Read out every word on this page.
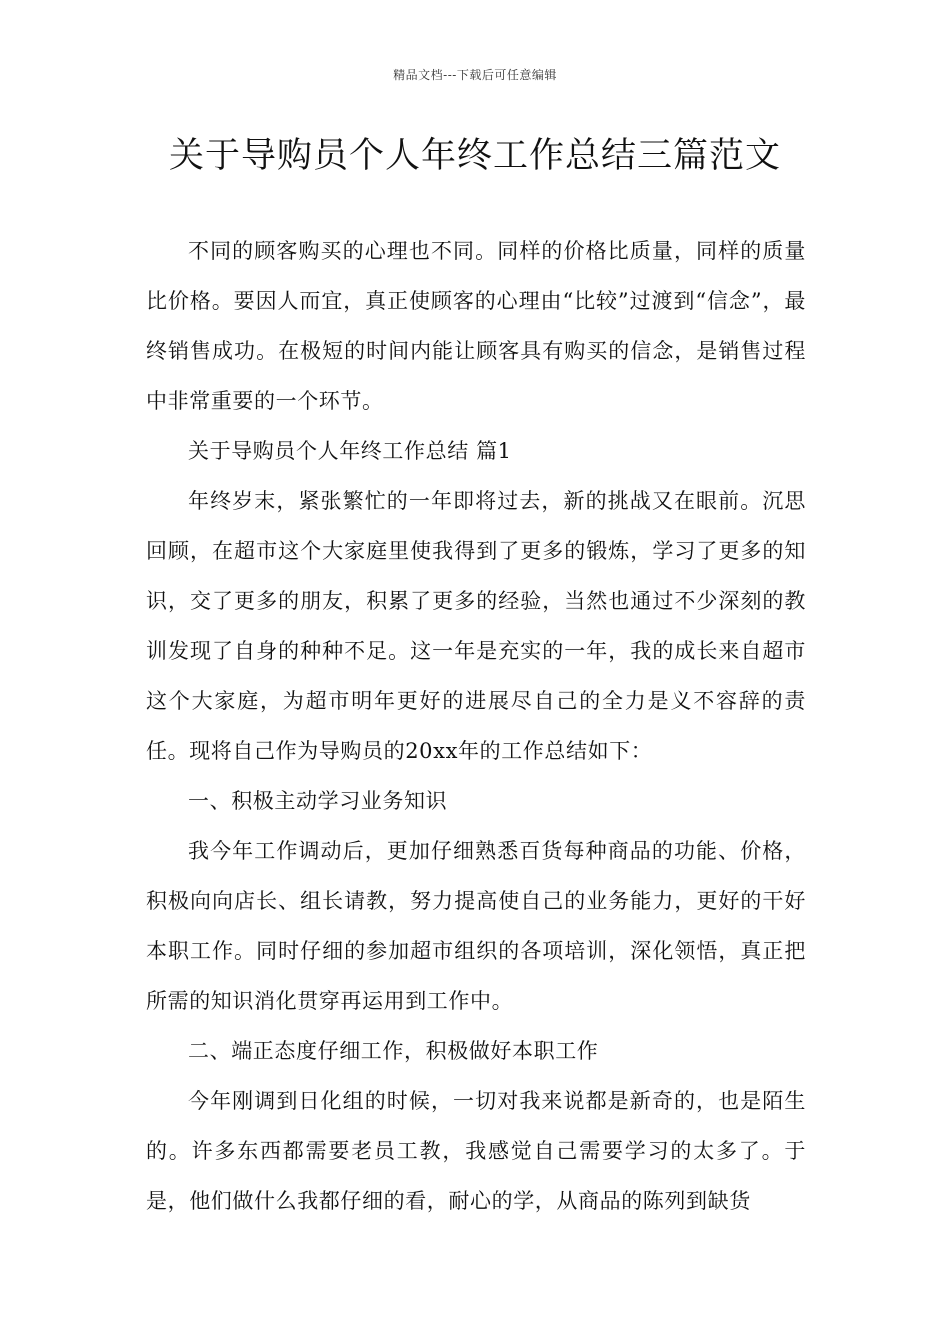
精品文档---下载后可任意编辑
关于导购员个人年终工作总结三篇范文

不同的顾客购买的心理也不同。同样的价格比质量，同样的质量比价格。要因人而宜，真正使顾客的心理由“比较”过渡到“信念”，最终销售成功。在极短的时间内能让顾客具有购买的信念，是销售过程中非常重要的一个环节。

关于导购员个人年终工作总结 篇1

年终岁末，紧张繁忙的一年即将过去，新的挑战又在眼前。沉思回顾，在超市这个大家庭里使我得到了更多的锻炼，学习了更多的知识，交了更多的朋友，积累了更多的经验，当然也通过不少深刻的教训发现了自身的种种不足。这一年是充实的一年，我的成长来自超市这个大家庭，为超市明年更好的进展尽自己的全力是义不容辞的责任。现将自己作为导购员的20xx年的工作总结如下：

一、积极主动学习业务知识

我今年工作调动后，更加仔细熟悉百货每种商品的功能、价格，积极向向店长、组长请教，努力提高使自己的业务能力，更好的干好本职工作。同时仔细的参加超市组织的各项培训，深化领悟，真正把所需的知识消化贯穿再运用到工作中。

二、端正态度仔细工作，积极做好本职工作

今年刚调到日化组的时候，一切对我来说都是新奇的，也是陌生的。许多东西都需要老员工教，我感觉自己需要学习的太多了。于是，他们做什么我都仔细的看，耐心的学，从商品的陈列到缺货
